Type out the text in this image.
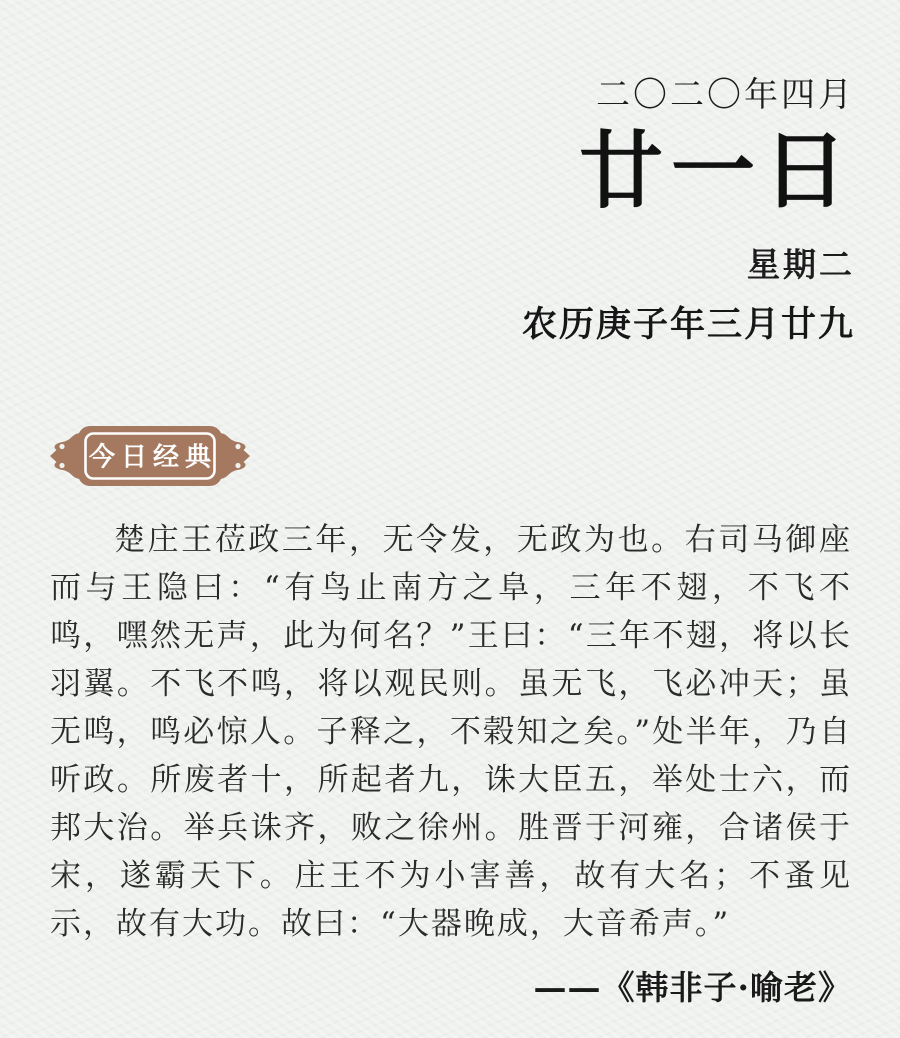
二〇二〇年四月
廿一日
星期二
农历庚子年三月廿九
今日经典

楚庄王莅政三年，无令发，无政为也。右司马御座而与王隐曰：“有鸟止南方之阜，三年不翅，不飞不鸣，嘿然无声，此为何名？”王曰：“三年不翅，将以长羽翼。不飞不鸣，将以观民则。虽无飞，飞必冲天；虽无鸣，鸣必惊人。子释之，不榖知之矣。”处半年，乃自听政。所废者十，所起者九，诛大臣五，举处士六，而邦大治。举兵诛齐，败之徐州。胜晋于河雍，合诸侯于宋，遂霸天下。庄王不为小害善，故有大名；不蚤见示，故有大功。故曰：“大器晚成，大音希声。”

——《韩非子·喻老》
